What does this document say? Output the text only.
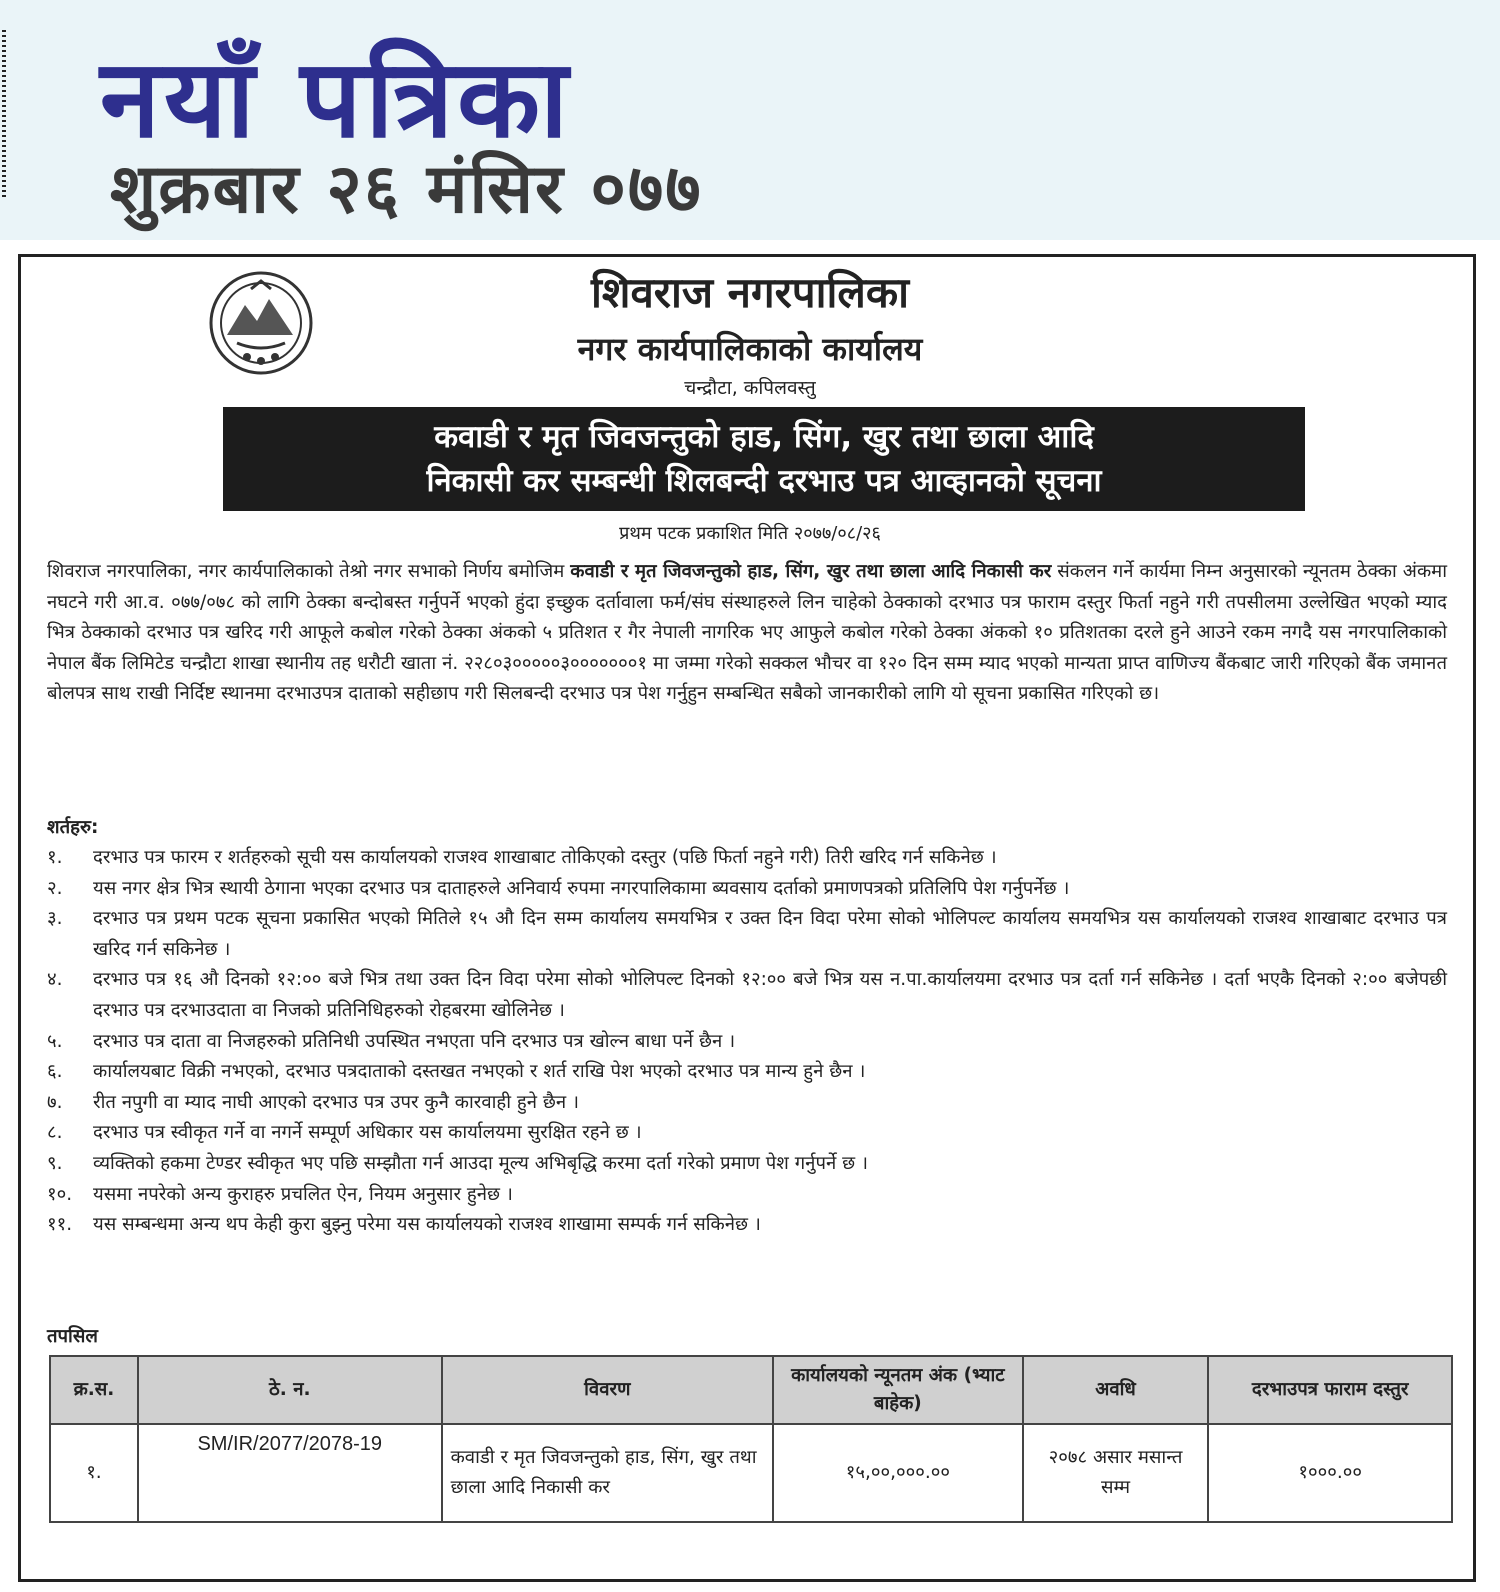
नयाँ पत्रिका
शुक्रबार २६ मंसिर ०७७
शिवराज नगरपालिका
नगर कार्यपालिकाको कार्यालय
चन्द्रौटा, कपिलवस्तु
कवाडी र मृत जिवजन्तुको हाड, सिंग, खुर तथा छाला आदि
निकासी कर सम्बन्धी शिलबन्दी दरभाउ पत्र आव्हानको सूचना
प्रथम पटक प्रकाशित मिति २०७७/०८/२६

शिवराज नगरपालिका, नगर कार्यपालिकाको तेश्रो नगर सभाको निर्णय बमोजिम कवाडी र मृत जिवजन्तुको हाड, सिंग, खुर तथा छाला आदि निकासी कर संकलन गर्ने कार्यमा निम्न अनुसारको न्यूनतम ठेक्का अंकमा नघटने गरी आ.व. ०७७/०७८ को लागि ठेक्का बन्दोबस्त गर्नुपर्ने भएको हुंदा इच्छुक दर्तावाला फर्म/संघ संस्थाहरुले लिन चाहेको ठेक्काको दरभाउ पत्र फाराम दस्तुर फिर्ता नहुने गरी तपसीलमा उल्लेखित भएको म्याद भित्र ठेक्काको दरभाउ पत्र खरिद गरी आफूले कबोल गरेको ठेक्का अंकको ५ प्रतिशत र गैर नेपाली नागरिक भए आफुले कबोल गरेको ठेक्का अंकको १० प्रतिशतका दरले हुने आउने रकम नगदै यस नगरपालिकाको नेपाल बैंक लिमिटेड चन्द्रौटा शाखा स्थानीय तह धरौटी खाता नं. २२८०३०००००३०००००००१ मा जम्मा गरेको सक्कल भौचर वा १२० दिन सम्म म्याद भएको मान्यता प्राप्त वाणिज्य बैंकबाट जारी गरिएको बैंक जमानत बोलपत्र साथ राखी निर्दिष्ट स्थानमा दरभाउपत्र दाताको सहीछाप गरी सिलबन्दी दरभाउ पत्र पेश गर्नुहुन सम्बन्धित सबैको जानकारीको लागि यो सूचना प्रकासित गरिएको छ।

शर्तहरु:
१.	दरभाउ पत्र फारम र शर्तहरुको सूची यस कार्यालयको राजश्व शाखाबाट तोकिएको दस्तुर (पछि फिर्ता नहुने गरी) तिरी खरिद गर्न सकिनेछ ।
२.	यस नगर क्षेत्र भित्र स्थायी ठेगाना भएका दरभाउ पत्र दाताहरुले अनिवार्य रुपमा नगरपालिकामा ब्यवसाय दर्ताको प्रमाणपत्रको प्रतिलिपि पेश गर्नुपर्नेछ ।
३.	दरभाउ पत्र प्रथम पटक सूचना प्रकासित भएको मितिले १५ औ दिन सम्म कार्यालय समयभित्र र उक्त दिन विदा परेमा सोको भोलिपल्ट कार्यालय समयभित्र यस कार्यालयको राजश्व शाखाबाट दरभाउ पत्र खरिद गर्न सकिनेछ ।
४.	दरभाउ पत्र १६ औ दिनको १२:०० बजे भित्र तथा उक्त दिन विदा परेमा सोको भोलिपल्ट दिनको १२:०० बजे भित्र यस न.पा.कार्यालयमा दरभाउ पत्र दर्ता गर्न सकिनेछ । दर्ता भएकै दिनको २:०० बजेपछी दरभाउ पत्र दरभाउदाता वा निजको प्रतिनिधिहरुको रोहबरमा खोलिनेछ ।
५.	दरभाउ पत्र दाता वा निजहरुको प्रतिनिधी उपस्थित नभएता पनि दरभाउ पत्र खोल्न बाधा पर्ने छैन ।
६.	कार्यालयबाट विक्री नभएको, दरभाउ पत्रदाताको दस्तखत नभएको र शर्त राखि पेश भएको दरभाउ पत्र मान्य हुने छैन ।
७.	रीत नपुगी वा म्याद नाघी आएको दरभाउ पत्र उपर कुनै कारवाही हुने छैन ।
८.	दरभाउ पत्र स्वीकृत गर्ने वा नगर्ने सम्पूर्ण अधिकार यस कार्यालयमा सुरक्षित रहने छ ।
९.	व्यक्तिको हकमा टेण्डर स्वीकृत भए पछि सम्झौता गर्न आउदा मूल्य अभिबृद्धि करमा दर्ता गरेको प्रमाण पेश गर्नुपर्ने छ ।
१०.	यसमा नपरेको अन्य कुराहरु प्रचलित ऐन, नियम अनुसार हुनेछ ।
११.	यस सम्बन्धमा अन्य थप केही कुरा बुझ्नु परेमा यस कार्यालयको राजश्व शाखामा सम्पर्क गर्न सकिनेछ ।
तपसिल
क्र.स.	ठे. न.	विवरण	कार्यालयको न्यूनतम अंक (भ्याट बाहेक)	अवधि	दरभाउपत्र फाराम दस्तुर
१.	SM/IR/2077/2078-19	कवाडी र मृत जिवजन्तुको हाड, सिंग, खुर तथा छाला आदि निकासी कर	१५,००,०००.००	२०७८ असार मसान्त सम्म	१०००.००
